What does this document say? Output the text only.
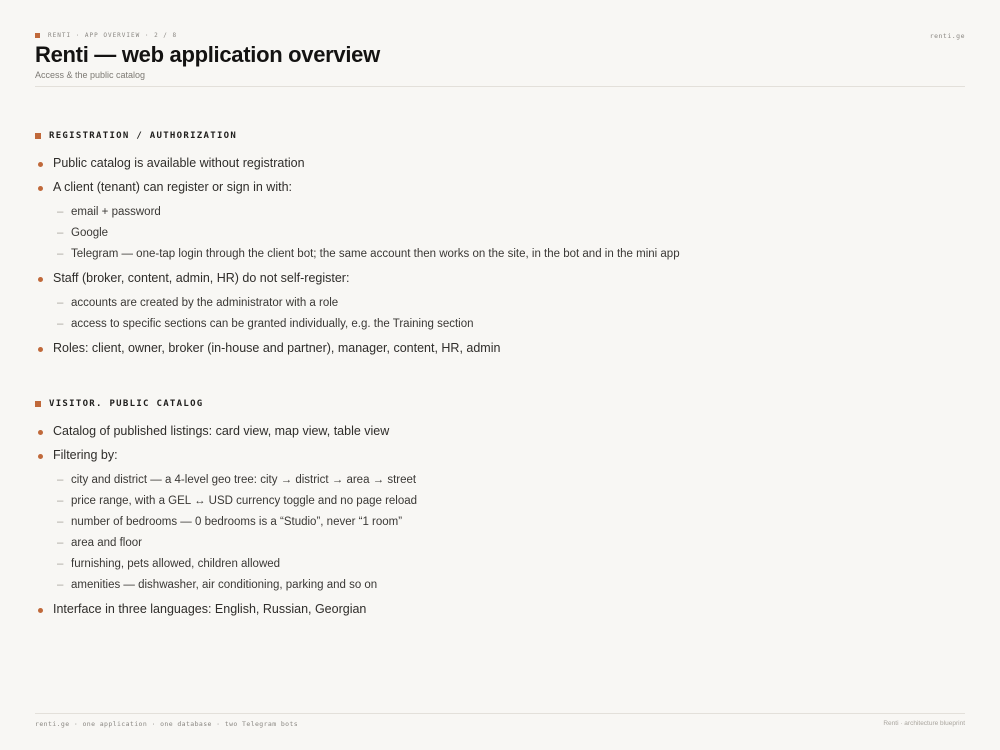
RENTI · APP OVERVIEW · 2 / 8	renti.ge
Renti — web application overview
Access & the public catalog
REGISTRATION / AUTHORIZATION
Public catalog is available without registration
A client (tenant) can register or sign in with:
– email + password
– Google
– Telegram — one-tap login through the client bot; the same account then works on the site, in the bot and in the mini app
Staff (broker, content, admin, HR) do not self-register:
– accounts are created by the administrator with a role
– access to specific sections can be granted individually, e.g. the Training section
Roles: client, owner, broker (in-house and partner), manager, content, HR, admin
VISITOR. PUBLIC CATALOG
Catalog of published listings: card view, map view, table view
Filtering by:
– city and district — a 4-level geo tree: city → district → area → street
– price range, with a GEL ↔ USD currency toggle and no page reload
– number of bedrooms — 0 bedrooms is a “Studio”, never “1 room”
– area and floor
– furnishing, pets allowed, children allowed
– amenities — dishwasher, air conditioning, parking and so on
Interface in three languages: English, Russian, Georgian
renti.ge · one application · one database · two Telegram bots	Renti · architecture blueprint
